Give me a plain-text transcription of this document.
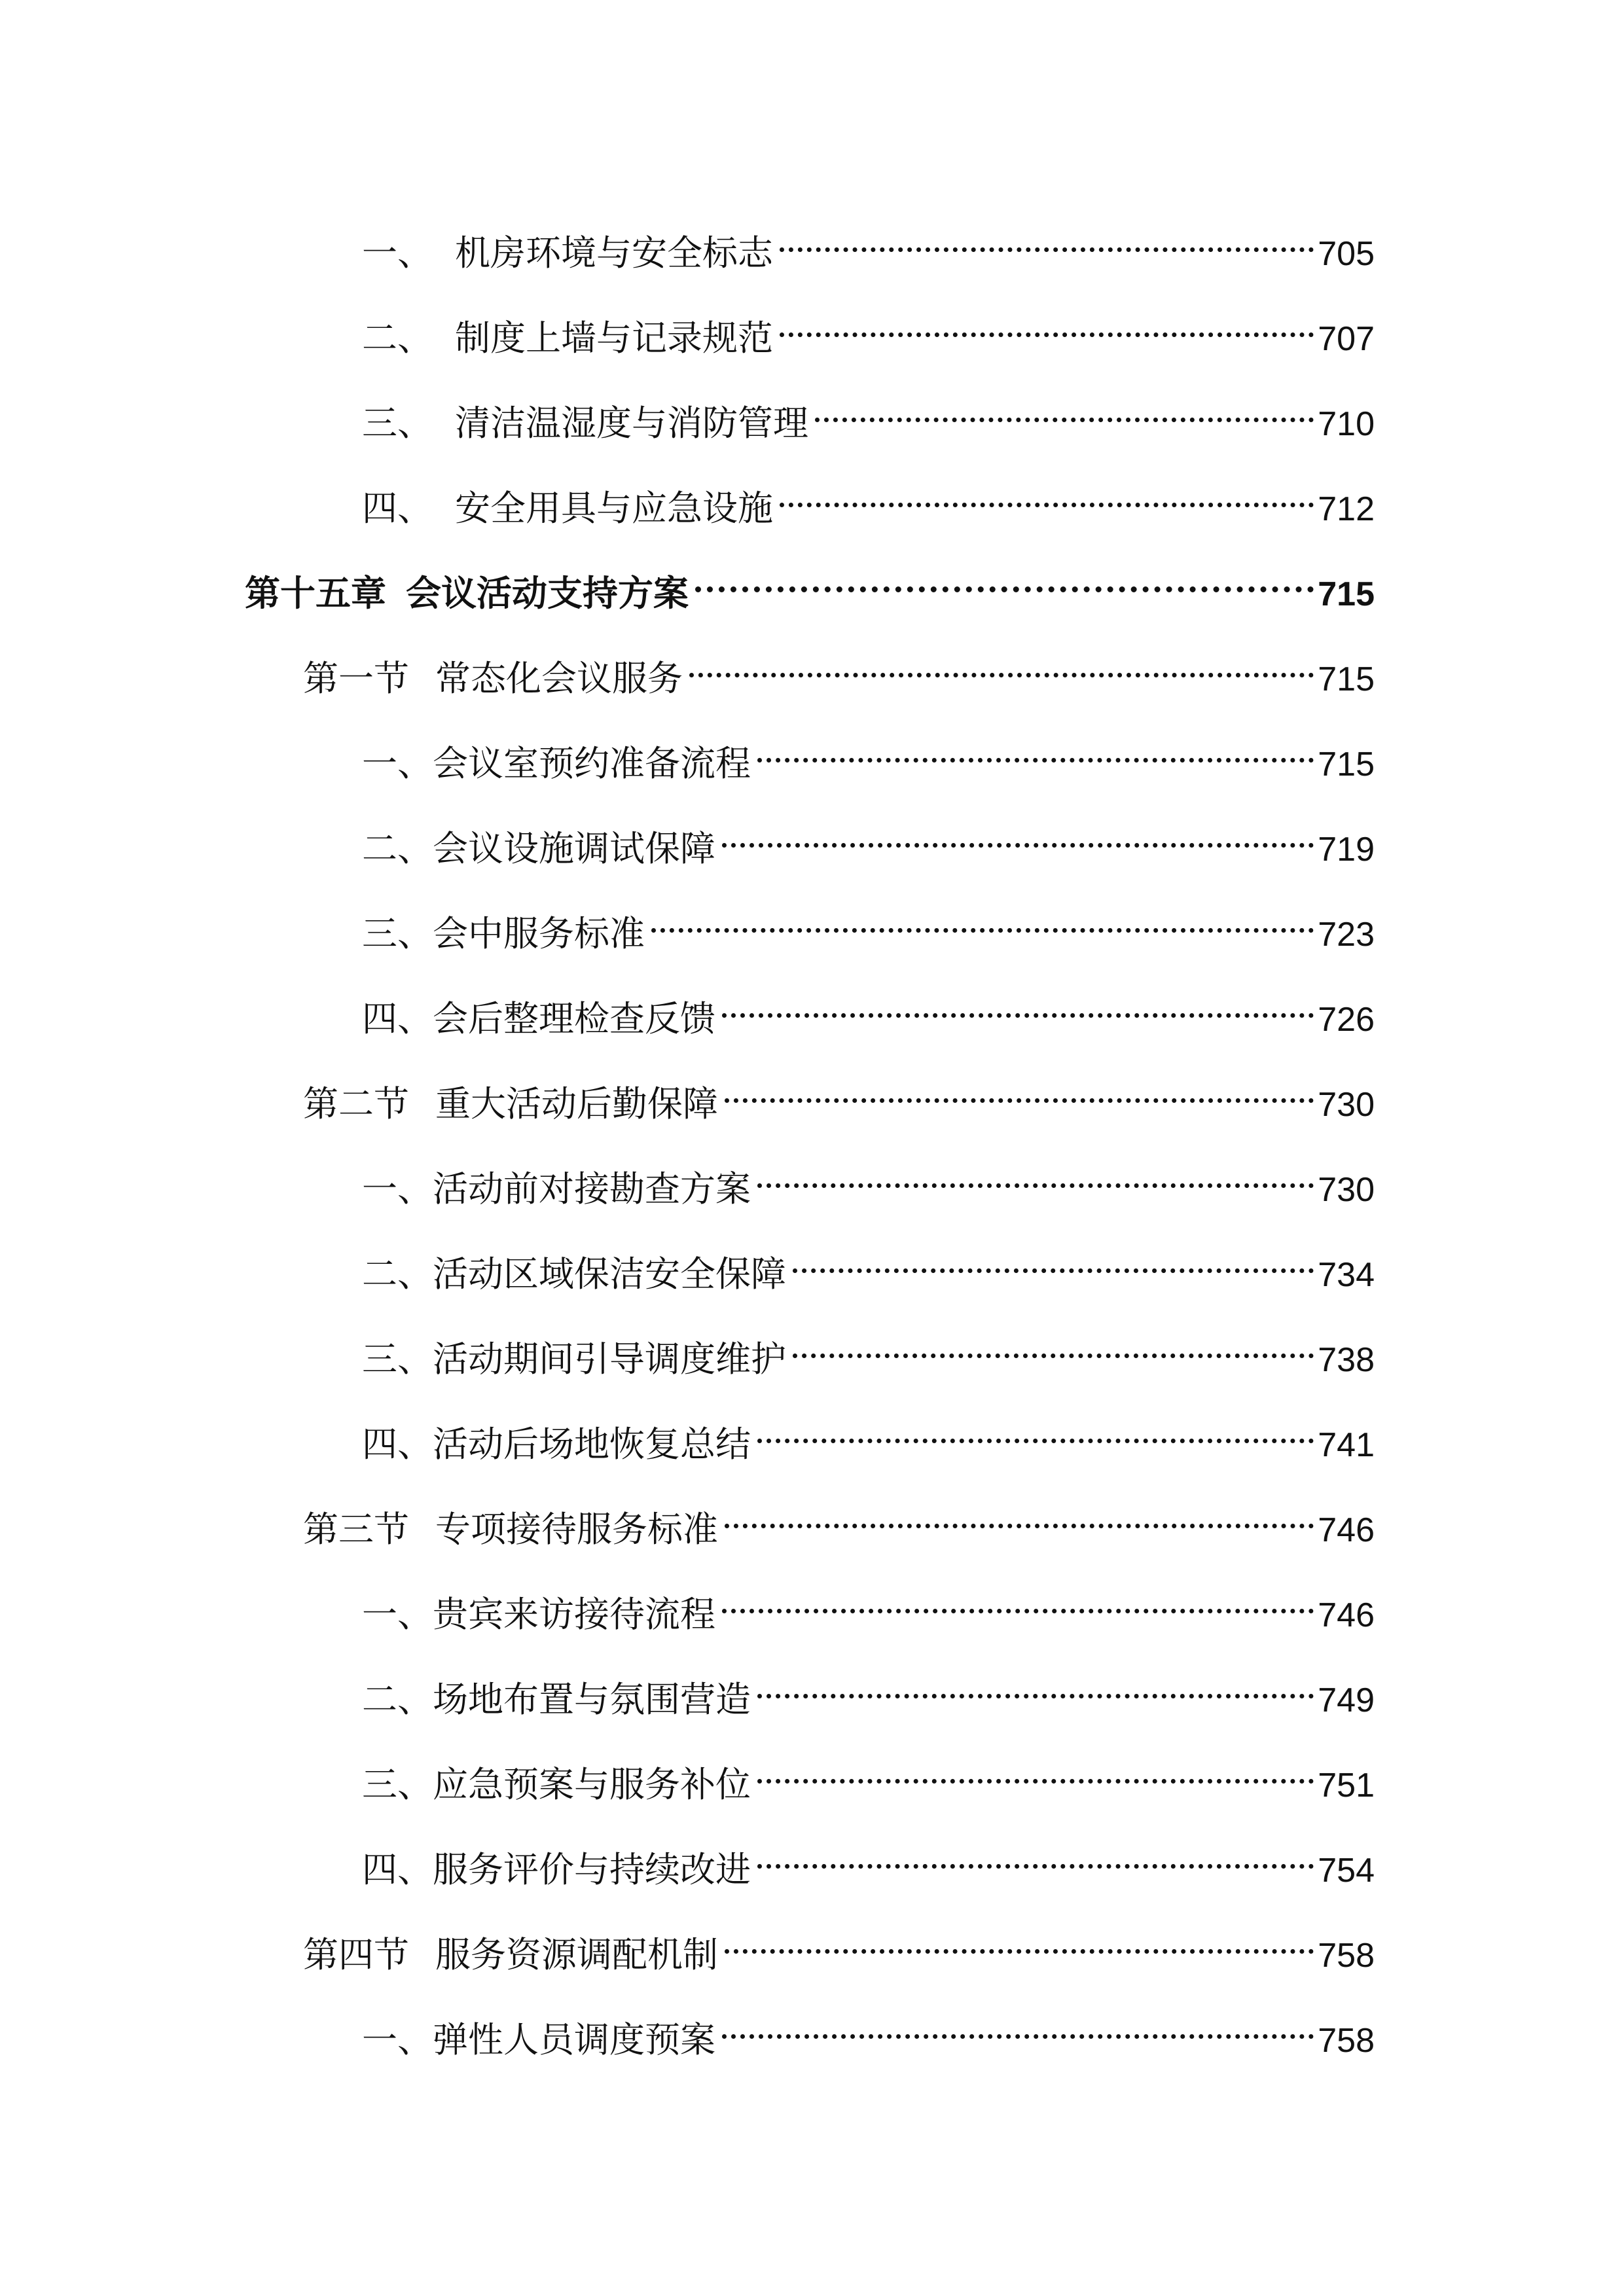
一、 机房环境与安全标志	705
二、 制度上墙与记录规范	707
三、 清洁温湿度与消防管理	710
四、 安全用具与应急设施	712
第十五章 会议活动支持方案	715
第一节 常态化会议服务	715
一、 会议室预约准备流程	715
二、 会议设施调试保障	719
三、 会中服务标准	723
四、 会后整理检查反馈	726
第二节 重大活动后勤保障	730
一、 活动前对接勘查方案	730
二、 活动区域保洁安全保障	734
三、 活动期间引导调度维护	738
四、 活动后场地恢复总结	741
第三节 专项接待服务标准	746
一、 贵宾来访接待流程	746
二、 场地布置与氛围营造	749
三、 应急预案与服务补位	751
四、 服务评价与持续改进	754
第四节 服务资源调配机制	758
一、 弹性人员调度预案	758
